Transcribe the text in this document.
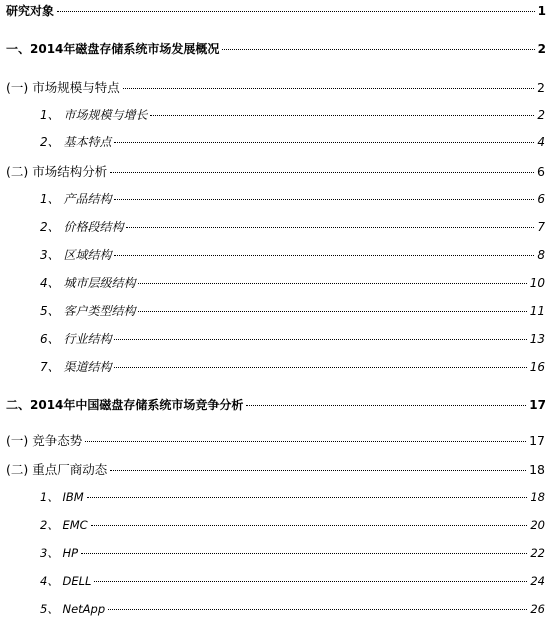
研究对象	1
一、2014年磁盘存储系统市场发展概况	2
(一) 市场规模与特点	2
1、 市场规模与增长	2
2、 基本特点	4
(二) 市场结构分析	6
1、 产品结构	6
2、 价格段结构	7
3、 区域结构	8
4、 城市层级结构	10
5、 客户类型结构	11
6、 行业结构	13
7、 渠道结构	16
二、2014年中国磁盘存储系统市场竞争分析	17
(一) 竞争态势	17
(二) 重点厂商动态	18
1、 IBM	18
2、 EMC	20
3、 HP	22
4、 DELL	24
5、 NetApp	26
